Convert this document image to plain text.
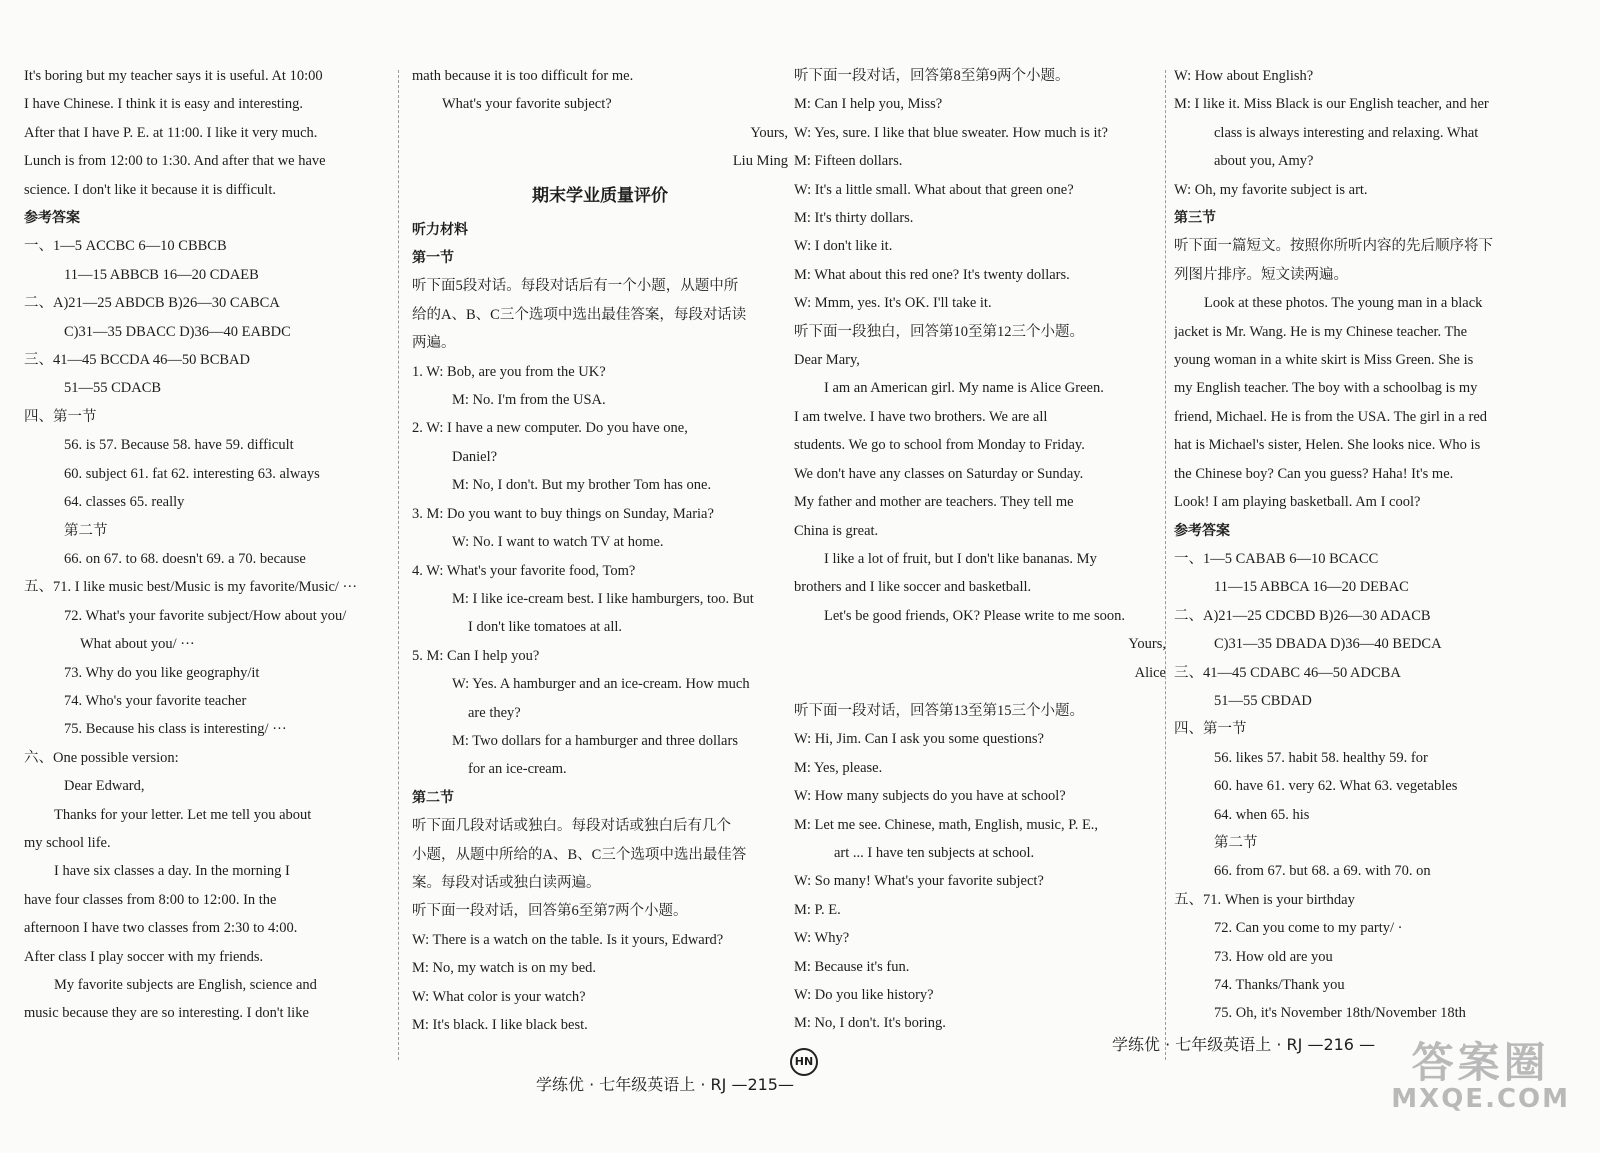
It's boring but my teacher says it is useful. At 10:00
I have Chinese. I think it is easy and interesting.
After that I have P. E. at 11:00. I like it very much.
Lunch is from 12:00 to 1:30. And after that we have
science. I don't like it because it is difficult.
参考答案
一、1—5 ACCBC 6—10 CBBCB
11—15 ABBCB 16—20 CDAEB
二、A)21—25 ABDCB B)26—30 CABCA
C)31—35 DBACC D)36—40 EABDC
三、41—45 BCCDA 46—50 BCBAD
51—55 CDACB
四、第一节
56. is 57. Because 58. have 59. difficult
60. subject 61. fat 62. interesting 63. always
64. classes 65. really
第二节
66. on 67. to 68. doesn't 69. a 70. because
五、71. I like music best/Music is my favorite/Music/ ···
72. What's your favorite subject/How about you/
What about you/ ···
73. Why do you like geography/it
74. Who's your favorite teacher
75. Because his class is interesting/ ···
六、One possible version:
Dear Edward,
Thanks for your letter. Let me tell you about
my school life.
I have six classes a day. In the morning I
have four classes from 8:00 to 12:00. In the
afternoon I have two classes from 2:30 to 4:00.
After class I play soccer with my friends.
My favorite subjects are English, science and
music because they are so interesting. I don't like
math because it is too difficult for me.
What's your favorite subject?
Yours,
Liu Ming
期末学业质量评价
听力材料
第一节
听下面5段对话。每段对话后有一个小题，从题中所
给的A、B、C三个选项中选出最佳答案，每段对话读
两遍。
1. W: Bob, are you from the UK?
M: No. I'm from the USA.
2. W: I have a new computer. Do you have one,
Daniel?
M: No, I don't. But my brother Tom has one.
3. M: Do you want to buy things on Sunday, Maria?
W: No. I want to watch TV at home.
4. W: What's your favorite food, Tom?
M: I like ice-cream best. I like hamburgers, too. But
I don't like tomatoes at all.
5. M: Can I help you?
W: Yes. A hamburger and an ice-cream. How much
are they?
M: Two dollars for a hamburger and three dollars
for an ice-cream.
第二节
听下面几段对话或独白。每段对话或独白后有几个
小题，从题中所给的A、B、C三个选项中选出最佳答
案。每段对话或独白读两遍。
听下面一段对话，回答第6至第7两个小题。
W: There is a watch on the table. Is it yours, Edward?
M: No, my watch is on my bed.
W: What color is your watch?
M: It's black. I like black best.
听下面一段对话，回答第8至第9两个小题。
M: Can I help you, Miss?
W: Yes, sure. I like that blue sweater. How much is it?
M: Fifteen dollars.
W: It's a little small. What about that green one?
M: It's thirty dollars.
W: I don't like it.
M: What about this red one? It's twenty dollars.
W: Mmm, yes. It's OK. I'll take it.
听下面一段独白，回答第10至第12三个小题。
Dear Mary,
I am an American girl. My name is Alice Green.
I am twelve. I have two brothers. We are all
students. We go to school from Monday to Friday.
We don't have any classes on Saturday or Sunday.
My father and mother are teachers. They tell me
China is great.
I like a lot of fruit, but I don't like bananas. My
brothers and I like soccer and basketball.
Let's be good friends, OK? Please write to me soon.
Yours,
Alice
听下面一段对话，回答第13至第15三个小题。
W: Hi, Jim. Can I ask you some questions?
M: Yes, please.
W: How many subjects do you have at school?
M: Let me see. Chinese, math, English, music, P. E.,
art ... I have ten subjects at school.
W: So many! What's your favorite subject?
M: P. E.
W: Why?
M: Because it's fun.
W: Do you like history?
M: No, I don't. It's boring.
W: How about English?
M: I like it. Miss Black is our English teacher, and her
class is always interesting and relaxing. What
about you, Amy?
W: Oh, my favorite subject is art.
第三节
听下面一篇短文。按照你所听内容的先后顺序将下
列图片排序。短文读两遍。
Look at these photos. The young man in a black
jacket is Mr. Wang. He is my Chinese teacher. The
young woman in a white skirt is Miss Green. She is
my English teacher. The boy with a schoolbag is my
friend, Michael. He is from the USA. The girl in a red
hat is Michael's sister, Helen. She looks nice. Who is
the Chinese boy? Can you guess? Haha! It's me.
Look! I am playing basketball. Am I cool?
参考答案
一、1—5 CABAB 6—10 BCACC
11—15 ABBCA 16—20 DEBAC
二、A)21—25 CDCBD B)26—30 ADACB
C)31—35 DBADA D)36—40 BEDCA
三、41—45 CDABC 46—50 ADCBA
51—55 CBDAD
四、第一节
56. likes 57. habit 58. healthy 59. for
60. have 61. very 62. What 63. vegetables
64. when 65. his
第二节
66. from 67. but 68. a 69. with 70. on
五、71. When is your birthday
72. Can you come to my party/ ·
73. How old are you
74. Thanks/Thank you
75. Oh, it's November 18th/November 18th
学练优 · 七年级英语上 · RJ —215—
HN
学练优 · 七年级英语上 · RJ —216 — 答案圈
MXQE.COM
